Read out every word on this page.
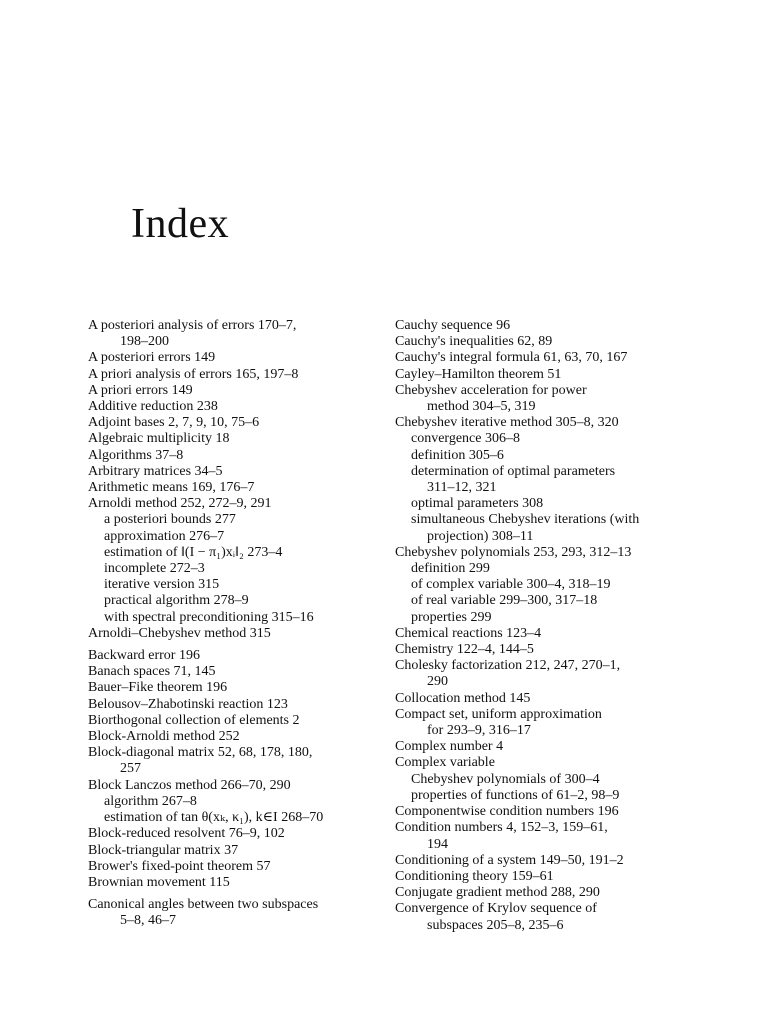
Index
A posteriori analysis of errors 170–7,
198–200
A posteriori errors 149
A priori analysis of errors 165, 197–8
A priori errors 149
Additive reduction 238
Adjoint bases 2, 7, 9, 10, 75–6
Algebraic multiplicity 18
Algorithms 37–8
Arbitrary matrices 34–5
Arithmetic means 169, 176–7
Arnoldi method 252, 272–9, 291
a posteriori bounds 277
approximation 276–7
estimation of ‖(I − π₁)xᵢ‖₂ 273–4
incomplete 272–3
iterative version 315
practical algorithm 278–9
with spectral preconditioning 315–16
Arnoldi–Chebyshev method 315
Backward error 196
Banach spaces 71, 145
Bauer–Fike theorem 196
Belousov–Zhabotinski reaction 123
Biorthogonal collection of elements 2
Block-Arnoldi method 252
Block-diagonal matrix 52, 68, 178, 180,
257
Block Lanczos method 266–70, 290
algorithm 267–8
estimation of tan θ(xₖ, κ₁), k∈I 268–70
Block-reduced resolvent 76–9, 102
Block-triangular matrix 37
Brower's fixed-point theorem 57
Brownian movement 115
Canonical angles between two subspaces
5–8, 46–7
Cauchy sequence 96
Cauchy's inequalities 62, 89
Cauchy's integral formula 61, 63, 70, 167
Cayley–Hamilton theorem 51
Chebyshev acceleration for power
method 304–5, 319
Chebyshev iterative method 305–8, 320
convergence 306–8
definition 305–6
determination of optimal parameters
311–12, 321
optimal parameters 308
simultaneous Chebyshev iterations (with
projection) 308–11
Chebyshev polynomials 253, 293, 312–13
definition 299
of complex variable 300–4, 318–19
of real variable 299–300, 317–18
properties 299
Chemical reactions 123–4
Chemistry 122–4, 144–5
Cholesky factorization 212, 247, 270–1,
290
Collocation method 145
Compact set, uniform approximation
for 293–9, 316–17
Complex number 4
Complex variable
Chebyshev polynomials of 300–4
properties of functions of 61–2, 98–9
Componentwise condition numbers 196
Condition numbers 4, 152–3, 159–61,
194
Conditioning of a system 149–50, 191–2
Conditioning theory 159–61
Conjugate gradient method 288, 290
Convergence of Krylov sequence of
subspaces 205–8, 235–6
